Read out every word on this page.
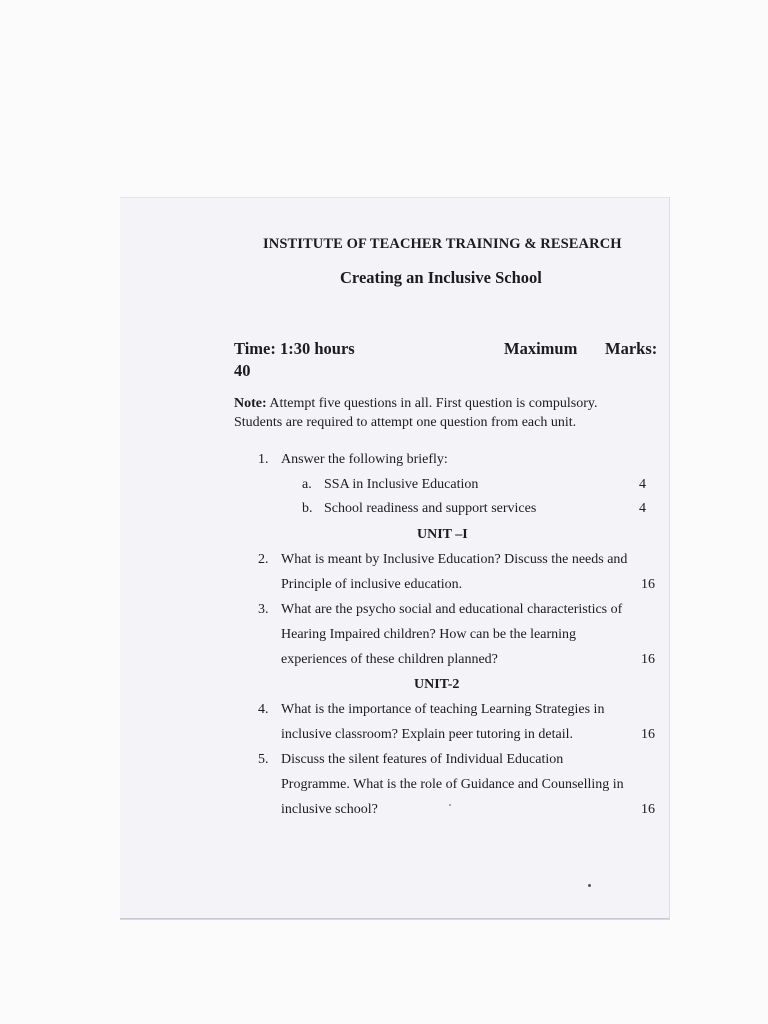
INSTITUTE OF TEACHER TRAINING & RESEARCH
Creating an Inclusive School
Time: 1:30 hours	Maximum Marks:
40
Note: Attempt five questions in all. First question is compulsory.
Students are required to attempt one question from each unit.
1. Answer the following briefly:
a. SSA in Inclusive Education	4
b. School readiness and support services	4
UNIT –I
2. What is meant by Inclusive Education? Discuss the needs and
Principle of inclusive education.	16
3. What are the psycho social and educational characteristics of
Hearing Impaired children? How can be the learning
experiences of these children planned?	16
UNIT-2
4. What is the importance of teaching Learning Strategies in
inclusive classroom? Explain peer tutoring in detail.	16
5. Discuss the silent features of Individual Education
Programme. What is the role of Guidance and Counselling in
inclusive school?	16
